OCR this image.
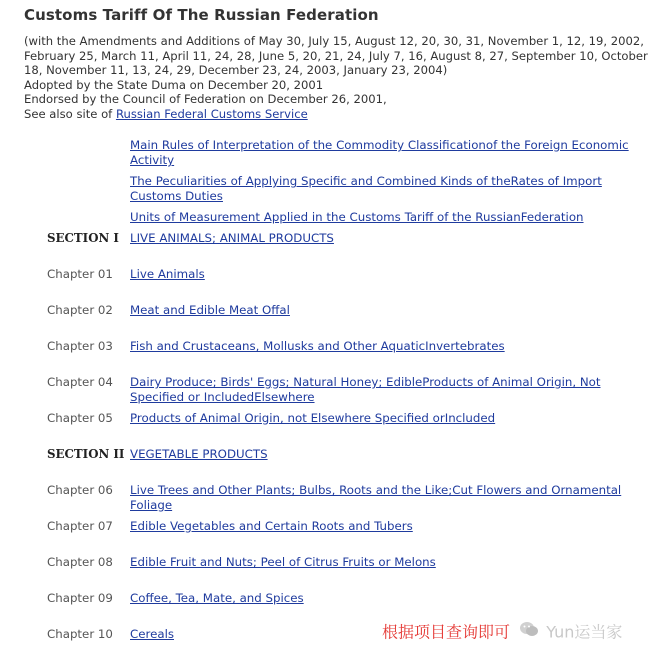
Customs Tariff Of The Russian Federation

(with the Amendments and Additions of May 30, July 15, August 12, 20, 30, 31, November 1, 12, 19, 2002, February 25, March 11, April 11, 24, 28, June 5, 20, 21, 24, July 7, 16, August 8, 27, September 10, October 18, November 11, 13, 24, 29, December 23, 24, 2003, January 23, 2004)

Adopted by the State Duma on December 20, 2001

Endorsed by the Council of Federation on December 26, 2001,

See also site of Russian Federal Customs Service

Main Rules of Interpretation of the Commodity Classificationof the Foreign Economic Activity
The Peculiarities of Applying Specific and Combined Kinds of theRates of Import Customs Duties
Units of Measurement Applied in the Customs Tariff of the RussianFederation
SECTION I LIVE ANIMALS; ANIMAL PRODUCTS
Chapter 01	Live Animals
Chapter 02	Meat and Edible Meat Offal
Chapter 03	Fish and Crustaceans, Mollusks and Other AquaticInvertebrates
Chapter 04	Dairy Produce; Birds' Eggs; Natural Honey; EdibleProducts of Animal Origin, Not Specified or IncludedElsewhere
Chapter 05	Products of Animal Origin, not Elsewhere Specified orIncluded
SECTION II VEGETABLE PRODUCTS
Chapter 06	Live Trees and Other Plants; Bulbs, Roots and the Like;Cut Flowers and Ornamental Foliage
Chapter 07	Edible Vegetables and Certain Roots and Tubers
Chapter 08	Edible Fruit and Nuts; Peel of Citrus Fruits or Melons
Chapter 09	Coffee, Tea, Mate, and Spices
Chapter 10	Cereals	根据项目查询即可 Yun运当家
